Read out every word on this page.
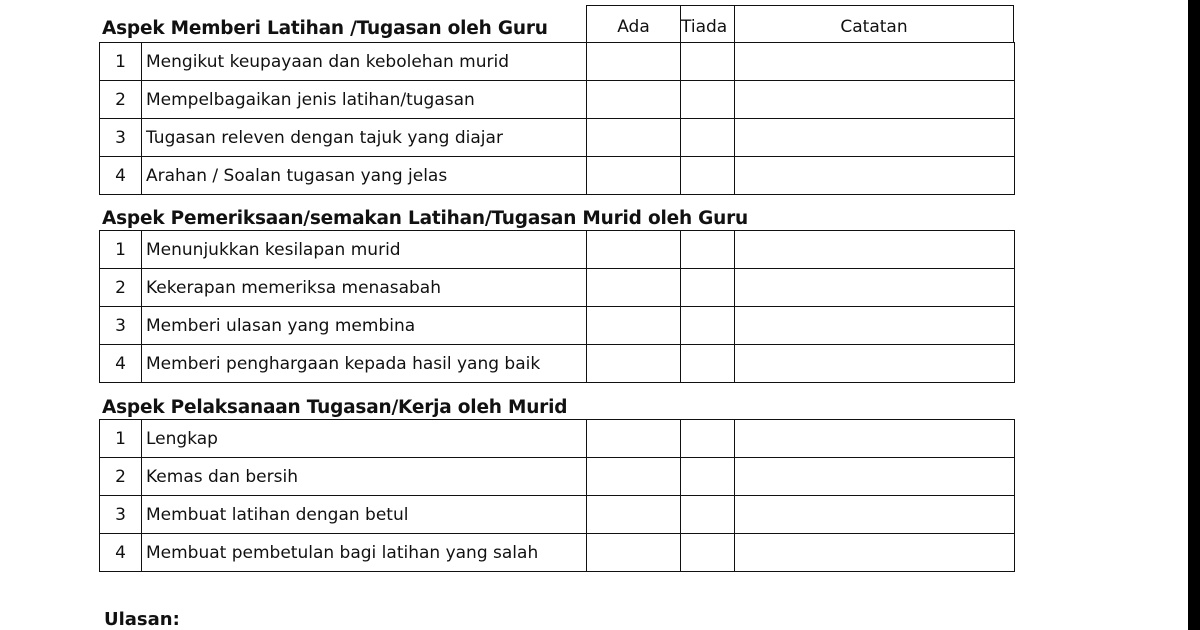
Ada	Tiada	Catatan
Aspek Memberi Latihan /Tugasan oleh Guru
1	Mengikut keupayaan dan kebolehan murid			
2	Mempelbagaikan jenis latihan/tugasan			
3	Tugasan releven dengan tajuk yang diajar			
4	Arahan / Soalan tugasan yang jelas			
Aspek Pemeriksaan/semakan Latihan/Tugasan Murid oleh Guru
1	Menunjukkan kesilapan murid			
2	Kekerapan memeriksa menasabah			
3	Memberi ulasan yang membina			
4	Memberi penghargaan kepada hasil yang baik			
Aspek Pelaksanaan Tugasan/Kerja oleh Murid
1	Lengkap			
2	Kemas dan bersih			
3	Membuat latihan dengan betul			
4	Membuat pembetulan bagi latihan yang salah			
Ulasan:
